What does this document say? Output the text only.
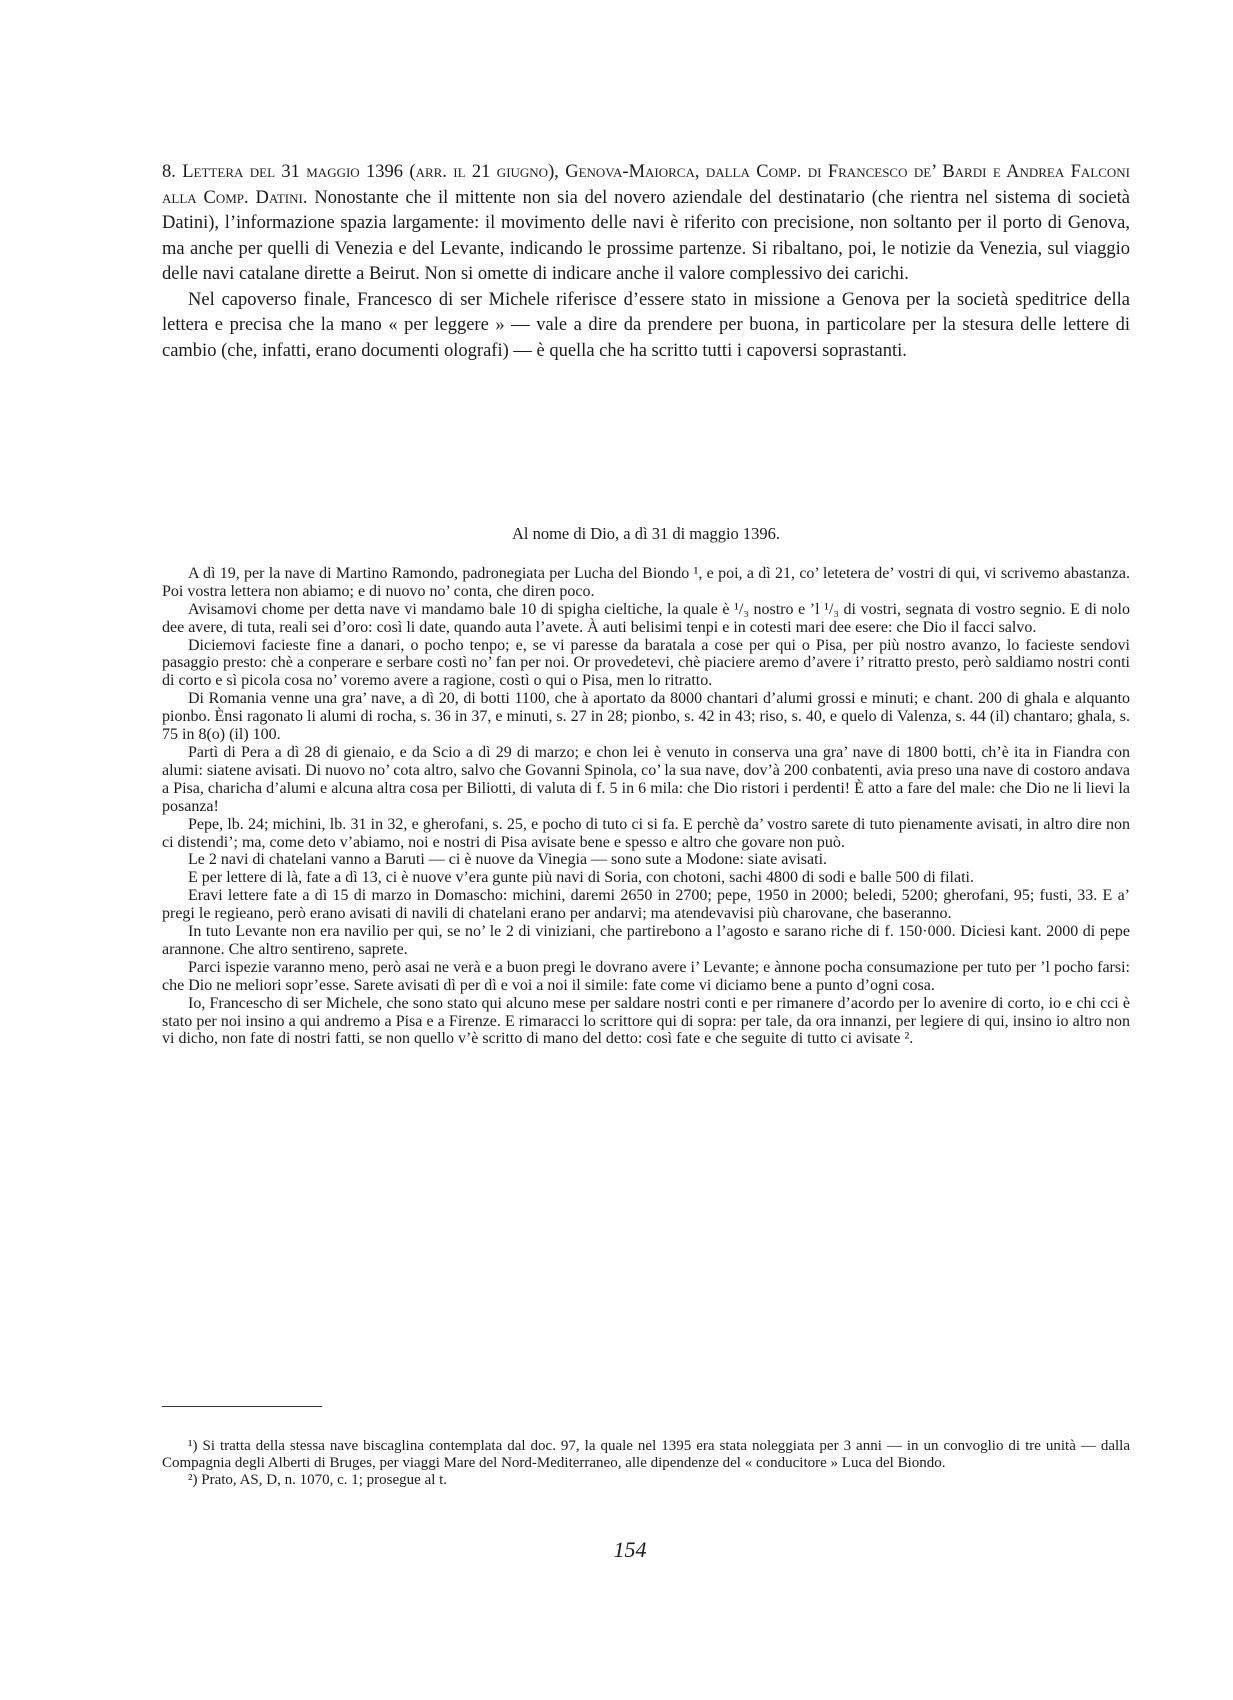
8. Lettera del 31 maggio 1396 (arr. il 21 giugno), Genova-Maiorca, dalla Comp. di Francesco de’ Bardi e Andrea Falconi alla Comp. Datini. Nonostante che il mittente non sia del novero aziendale del destinatario (che rientra nel sistema di società Datini), l’informazione spazia largamente: il movimento delle navi è riferito con precisione, non soltanto per il porto di Genova, ma anche per quelli di Venezia e del Levante, indicando le prossime partenze. Si ribaltano, poi, le notizie da Venezia, sul viaggio delle navi catalane dirette a Beirut. Non si omette di indicare anche il valore complessivo dei carichi.

Nel capoverso finale, Francesco di ser Michele riferisce d’essere stato in missione a Genova per la società speditrice della lettera e precisa che la mano « per leggere » — vale a dire da prendere per buona, in particolare per la stesura delle lettere di cambio (che, infatti, erano documenti olografi) — è quella che ha scritto tutti i capoversi soprastanti.

Al nome di Dio, a dì 31 di maggio 1396.

A dì 19, per la nave di Martino Ramondo, padronegiata per Lucha del Biondo ¹, e poi, a dì 21, co’ letetera de’ vostri di qui, vi scrivemo abastanza. Poi vostra lettera non abiamo; e di nuovo no’ conta, che diren poco.

Avisamovi chome per detta nave vi mandamo bale 10 di spigha cieltiche, la quale è ¹/₃ nostro e ’l ¹/₃ di vostri, segnata di vostro segnio. E di nolo dee avere, di tuta, reali sei d’oro: così li date, quando auta l’avete. À auti belisimi tenpi e in cotesti mari dee esere: che Dio il facci salvo.

Diciemovi facieste fine a danari, o pocho tenpo; e, se vi paresse da baratala a cose per qui o Pisa, per più nostro avanzo, lo facieste sendovi pasaggio presto: chè a conperare e serbare costì no’ fan per noi. Or provedetevi, chè piaciere aremo d’avere i’ ritratto presto, però saldiamo nostri conti di corto e sì picola cosa no’ voremo avere a ragione, costì o qui o Pisa, men lo ritratto.

Di Romania venne una gra’ nave, a dì 20, di botti 1100, che à aportato da 8000 chantari d’alumi grossi e minuti; e chant. 200 di ghala e alquanto pionbo. Ènsi ragonato li alumi di rocha, s. 36 in 37, e minuti, s. 27 in 28; pionbo, s. 42 in 43; riso, s. 40, e quelo di Valenza, s. 44 (il) chantaro; ghala, s. 75 in 8(o) (il) 100.

Partì di Pera a dì 28 di gienaio, e da Scio a dì 29 di marzo; e chon lei è venuto in conserva una gra’ nave di 1800 botti, ch’è ita in Fiandra con alumi: siatene avisati. Di nuovo no’ cota altro, salvo che Govanni Spinola, co’ la sua nave, dov’à 200 conbatenti, avia preso una nave di costoro andava a Pisa, charicha d’alumi e alcuna altra cosa per Biliotti, di valuta di f. 5 in 6 mila: che Dio ristori i perdenti! È atto a fare del male: che Dio ne li lievi la posanza!

Pepe, lb. 24; michini, lb. 31 in 32, e gherofani, s. 25, e pocho di tuto ci si fa. E perchè da’ vostro sarete di tuto pienamente avisati, in altro dire non ci distendi’; ma, come deto v’abiamo, noi e nostri di Pisa avisate bene e spesso e altro che govare non può.

Le 2 navi di chatelani vanno a Baruti — ci è nuove da Vinegia — sono sute a Modone: siate avisati.

E per lettere di là, fate a dì 13, ci è nuove v’era gunte più navi di Soria, con chotoni, sachi 4800 di sodi e balle 500 di filati.

Eravi lettere fate a dì 15 di marzo in Domascho: michini, daremi 2650 in 2700; pepe, 1950 in 2000; beledi, 5200; gherofani, 95; fusti, 33. E a’ pregi le regieano, però erano avisati di navili di chatelani erano per andarvi; ma atendevavisi più charovane, che baseranno.

In tuto Levante non era navilio per qui, se no’ le 2 di viniziani, che partirebono a l’agosto e sarano riche di f. 150·000. Diciesi kant. 2000 di pepe arannone. Che altro sentireno, saprete.

Parci ispezie varanno meno, però asai ne verà e a buon pregi le dovrano avere i’ Levante; e ànnone pocha consumazione per tuto per ’l pocho farsi: che Dio ne meliori sopr’esse. Sarete avisati dì per dì e voi a noi il simile: fate come vi diciamo bene a punto d’ogni cosa.

Io, Franceschо di ser Michele, che sono stato qui alcuno mese per saldare nostri conti e per rimanere d’acordo per lo avenire di corto, io e chi cci è stato per noi insino a qui andremo a Pisa e a Firenze. E rimaracci lo scrittore qui di sopra: per tale, da ora innanzi, per legiere di qui, insino io altro non vi dicho, non fate di nostri fatti, se non quello v’è scritto di mano del detto: così fate e che seguite di tutto ci avisate ².

¹) Si tratta della stessa nave biscaglina contemplata dal doc. 97, la quale nel 1395 era stata noleggiata per 3 anni — in un convoglio di tre unità — dalla Compagnia degli Alberti di Bruges, per viaggi Mare del Nord-Mediterraneo, alle dipendenze del « conducitore » Luca del Biondo.

²) Prato, AS, D, n. 1070, c. 1; prosegue al t.

154
